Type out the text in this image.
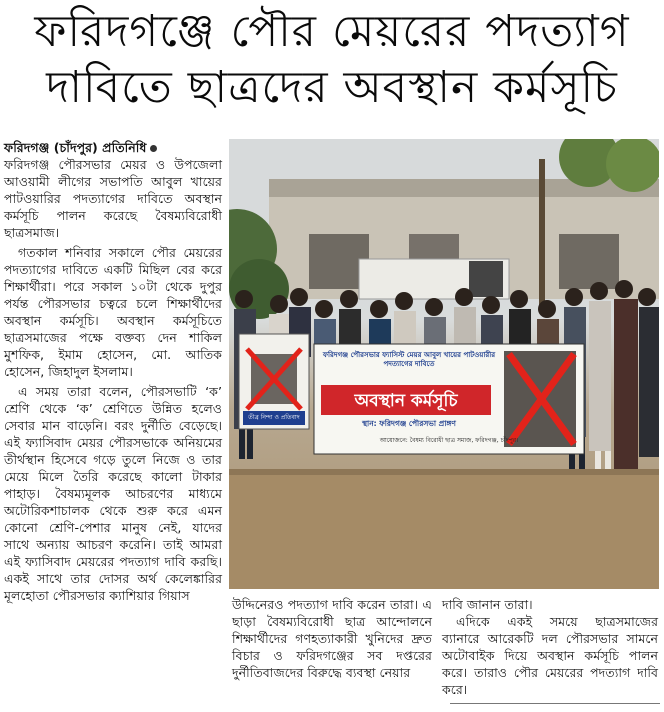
ফরিদগঞ্জে পৌর মেয়রের পদত্যাগ
দাবিতে ছাত্রদের অবস্থান কর্মসূচি

ফরিদগঞ্জ (চাঁদপুর) প্রতিনিধি

ফরিদগঞ্জ পৌরসভার মেয়র ও উপজেলা আওয়ামী লীগের সভাপতি আবুল খায়ের পাটওয়ারির পদত্যাগের দাবিতে অবস্থান কর্মসূচি পালন করেছে বৈষম্যবিরোধী ছাত্রসমাজ।

গতকাল শনিবার সকালে পৌর মেয়রের পদত্যাগের দাবিতে একটি মিছিল বের করে শিক্ষার্থীরা। পরে সকাল ১০টা থেকে দুপুর পর্যন্ত পৌরসভার চত্বরে চলে শিক্ষার্থীদের অবস্থান কর্মসূচি। অবস্থান কর্মসূচিতে ছাত্রসমাজের পক্ষে বক্তব্য দেন শাকিল মুশফিক, ইমাম হোসেন, মো. আতিক হোসেন, জিহাদুল ইসলাম।

এ সময় তারা বলেন, পৌরসভাটি ‘ক’ শ্রেণি থেকে ‘ক’ শ্রেণিতে উন্নিত হলেও সেবার মান বাড়েনি। বরং দুর্নীতি বেড়েছে। এই ফ্যাসিবাদ মেয়র পৌরসভাকে অনিয়মের তীর্থস্থান হিসেবে গড়ে তুলে নিজে ও তার মেয়ে মিলে তৈরি করেছে কালো টাকার পাহাড়। বৈষম্যমূলক আচরণের মাধ্যমে অটোরিকশাচালক থেকে শুরু করে এমন কোনো শ্রেণি-পেশার মানুষ নেই, যাদের সাথে অন্যায় আচরণ করেনি। তাই আমরা এই ফ্যাসিবাদ মেয়রের পদত্যাগ দাবি করছি। একই সাথে তার দোসর অর্থ কেলেঙ্কারির মূলহোতা পৌরসভার ক্যাশিয়ার গিয়াস

ফরিদগঞ্জ পৌরসভার ফ্যাসিস্ট মেয়র আবুল খায়ের পাটওয়ারীর পদত্যাগের দাবিতে
অবস্থান কর্মসূচি
স্থান: ফরিদগঞ্জ পৌরসভা প্রাঙ্গণ
আয়োজনে: বৈষম্য বিরোধী ছাত্র সমাজ, ফরিদগঞ্জ, চাঁদপুর।
তীব্র নিন্দা ও প্রতিবাদ
উদ্দিনেরও পদত্যাগ দাবি করেন তারা। এ ছাড়া বৈষম্যবিরোধী ছাত্র আন্দোলনে শিক্ষার্থীদের গণহত্যাকারী খুনিদের দ্রুত বিচার ও ফরিদগঞ্জের সব দপ্তরের দুর্নীতিবাজদের বিরুদ্ধে ব্যবস্থা নেয়ার

দাবি জানান তারা।

এদিকে একই সময়ে ছাত্রসমাজের ব্যানারে আরেকটি দল পৌরসভার সামনে অটোবাইক দিয়ে অবস্থান কর্মসূচি পালন করে। তারাও পৌর মেয়রের পদত্যাগ দাবি করে।
